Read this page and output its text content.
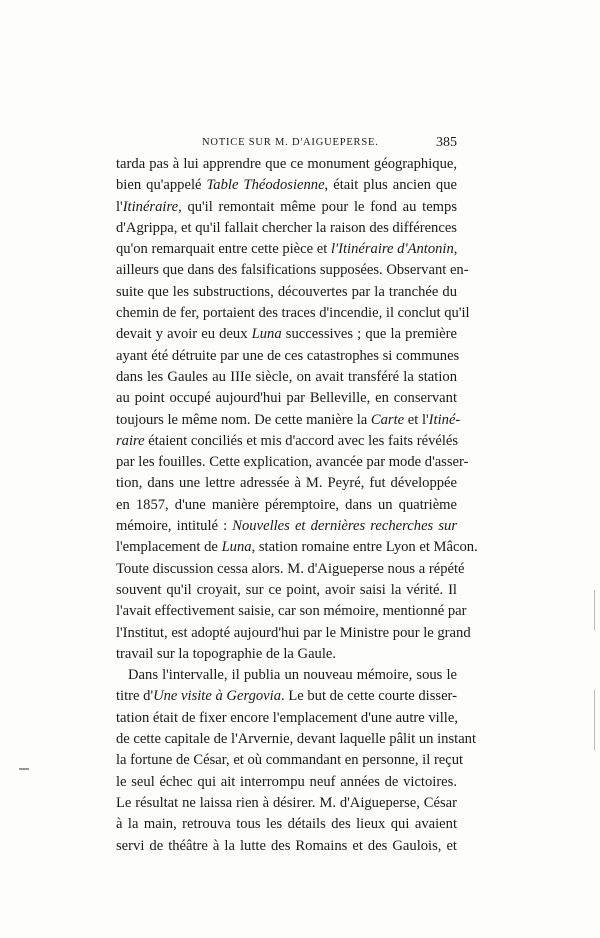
NOTICE SUR M. D'AIGUEPERSE.	385
tarda pas à lui apprendre que ce monument géographique,
bien qu'appelé Table Théodosienne, était plus ancien que
l'Itinéraire, qu'il remontait même pour le fond au temps
d'Agrippa, et qu'il fallait chercher la raison des différences
qu'on remarquait entre cette pièce et l'Itinéraire d'Antonin,
ailleurs que dans des falsifications supposées. Observant en-
suite que les substructions, découvertes par la tranchée du
chemin de fer, portaient des traces d'incendie, il conclut qu'il
devait y avoir eu deux Luna successives ; que la première
ayant été détruite par une de ces catastrophes si communes
dans les Gaules au IIIe siècle, on avait transféré la station
au point occupé aujourd'hui par Belleville, en conservant
toujours le même nom. De cette manière la Carte et l'Itiné-
raire étaient conciliés et mis d'accord avec les faits révélés
par les fouilles. Cette explication, avancée par mode d'asser-
tion, dans une lettre adressée à M. Peyré, fut développée
en 1857, d'une manière péremptoire, dans un quatrième
mémoire, intitulé : Nouvelles et dernières recherches sur
l'emplacement de Luna, station romaine entre Lyon et Mâcon.
Toute discussion cessa alors. M. d'Aigueperse nous a répété
souvent qu'il croyait, sur ce point, avoir saisi la vérité. Il
l'avait effectivement saisie, car son mémoire, mentionné par
l'Institut, est adopté aujourd'hui par le Ministre pour le grand
travail sur la topographie de la Gaule.
Dans l'intervalle, il publia un nouveau mémoire, sous le
titre d'Une visite à Gergovia. Le but de cette courte disser-
tation était de fixer encore l'emplacement d'une autre ville,
de cette capitale de l'Arvernie, devant laquelle pâlit un instant
la fortune de César, et où commandant en personne, il reçut
le seul échec qui ait interrompu neuf années de victoires.
Le résultat ne laissa rien à désirer. M. d'Aigueperse, César
à la main, retrouva tous les détails des lieux qui avaient
servi de théâtre à la lutte des Romains et des Gaulois, et
